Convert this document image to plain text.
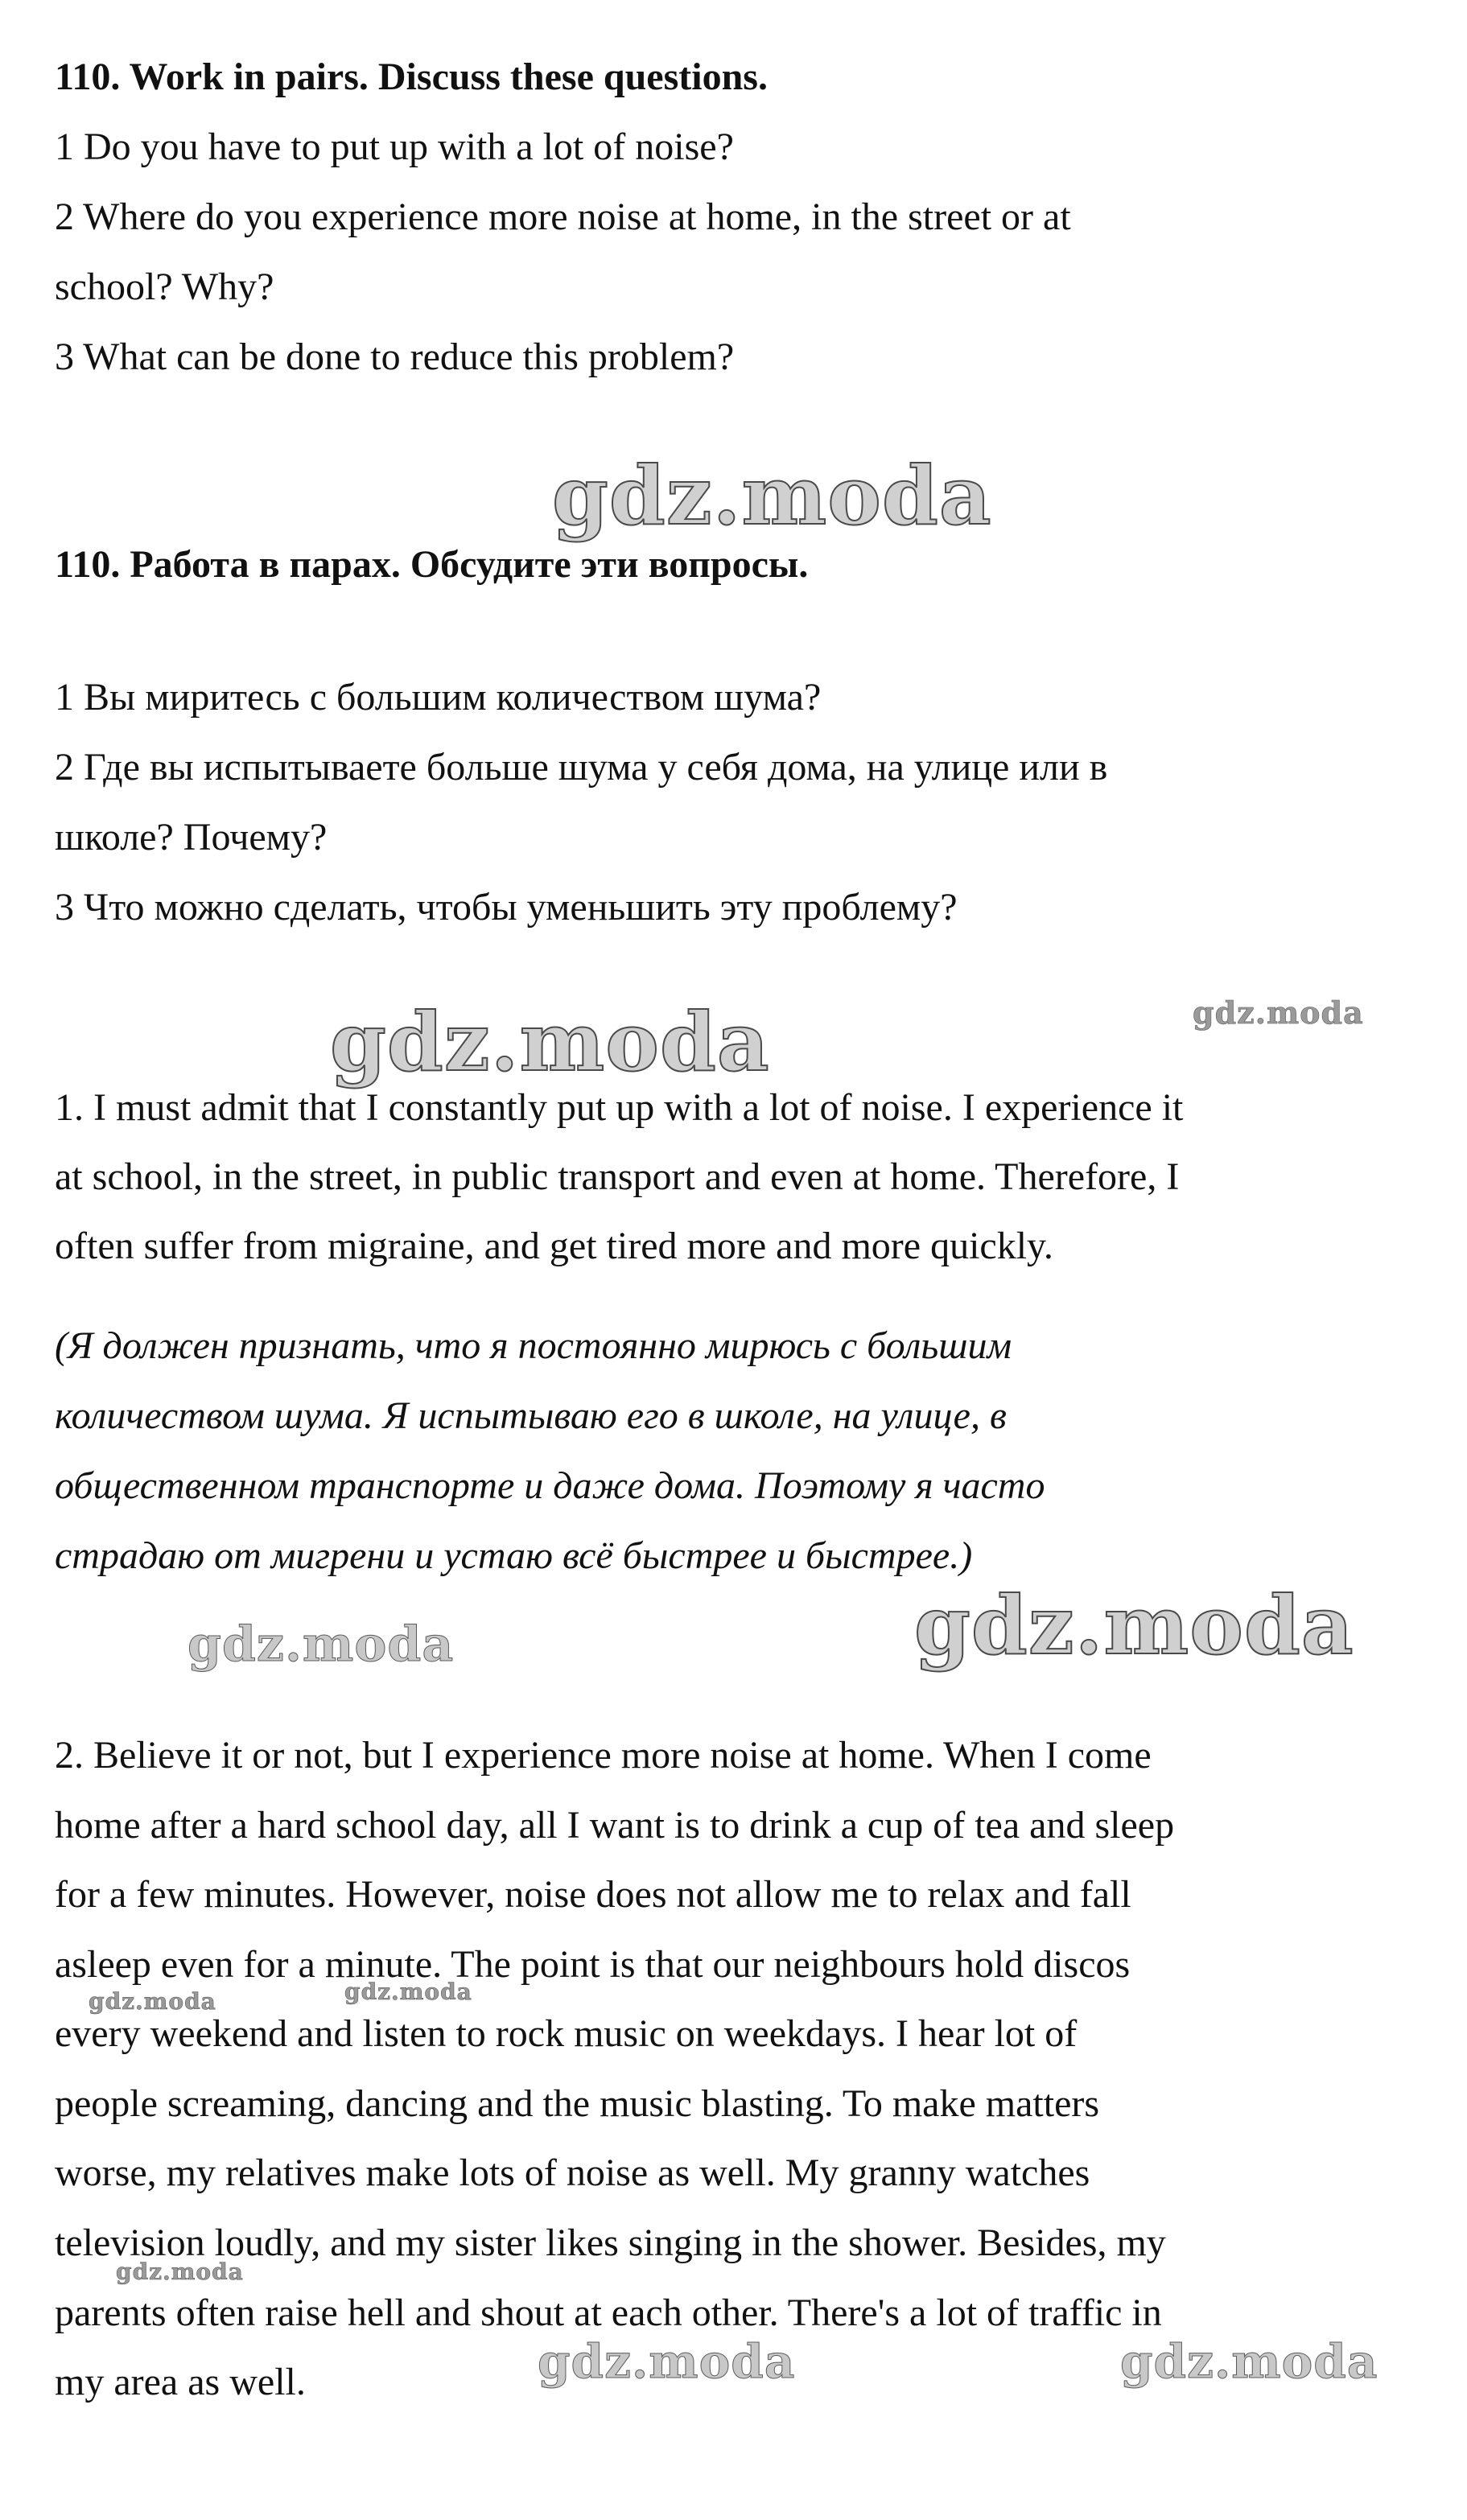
110. Work in pairs. Discuss these questions.

1 Do you have to put up with a lot of noise?

2 Where do you experience more noise at home, in the street or at

school? Why?

3 What can be done to reduce this problem?

gdz.moda

110. Работа в парах. Обсудите эти вопросы.

1 Вы миритесь с большим количеством шума?

2 Где вы испытываете больше шума у себя дома, на улице или в

школе? Почему?

3 Что можно сделать, чтобы уменьшить эту проблему?

gdz.moda	gdz.moda

1. I must admit that I constantly put up with a lot of noise. I experience it

at school, in the street, in public transport and even at home. Therefore, I

often suffer from migraine, and get tired more and more quickly.

(Я должен признать, что я постоянно мирюсь с большим

количеством шума. Я испытываю его в школе, на улице, в

общественном транспорте и даже дома. Поэтому я часто

страдаю от мигрени и устаю всё быстрее и быстрее.)

gdz.moda	gdz.moda

2. Believe it or not, but I experience more noise at home. When I come

home after a hard school day, all I want is to drink a cup of tea and sleep

for a few minutes. However, noise does not allow me to relax and fall

asleep even for a minute. The point is that our neighbours hold discos

every weekend and listen to rock music on weekdays. I hear lot of

people screaming, dancing and the music blasting. To make matters

worse, my relatives make lots of noise as well. My granny watches

television loudly, and my sister likes singing in the shower. Besides, my

parents often raise hell and shout at each other. There's a lot of traffic in

my area as well.

gdz.moda	gdz.moda

gdz.moda

gdz.moda	gdz.moda
